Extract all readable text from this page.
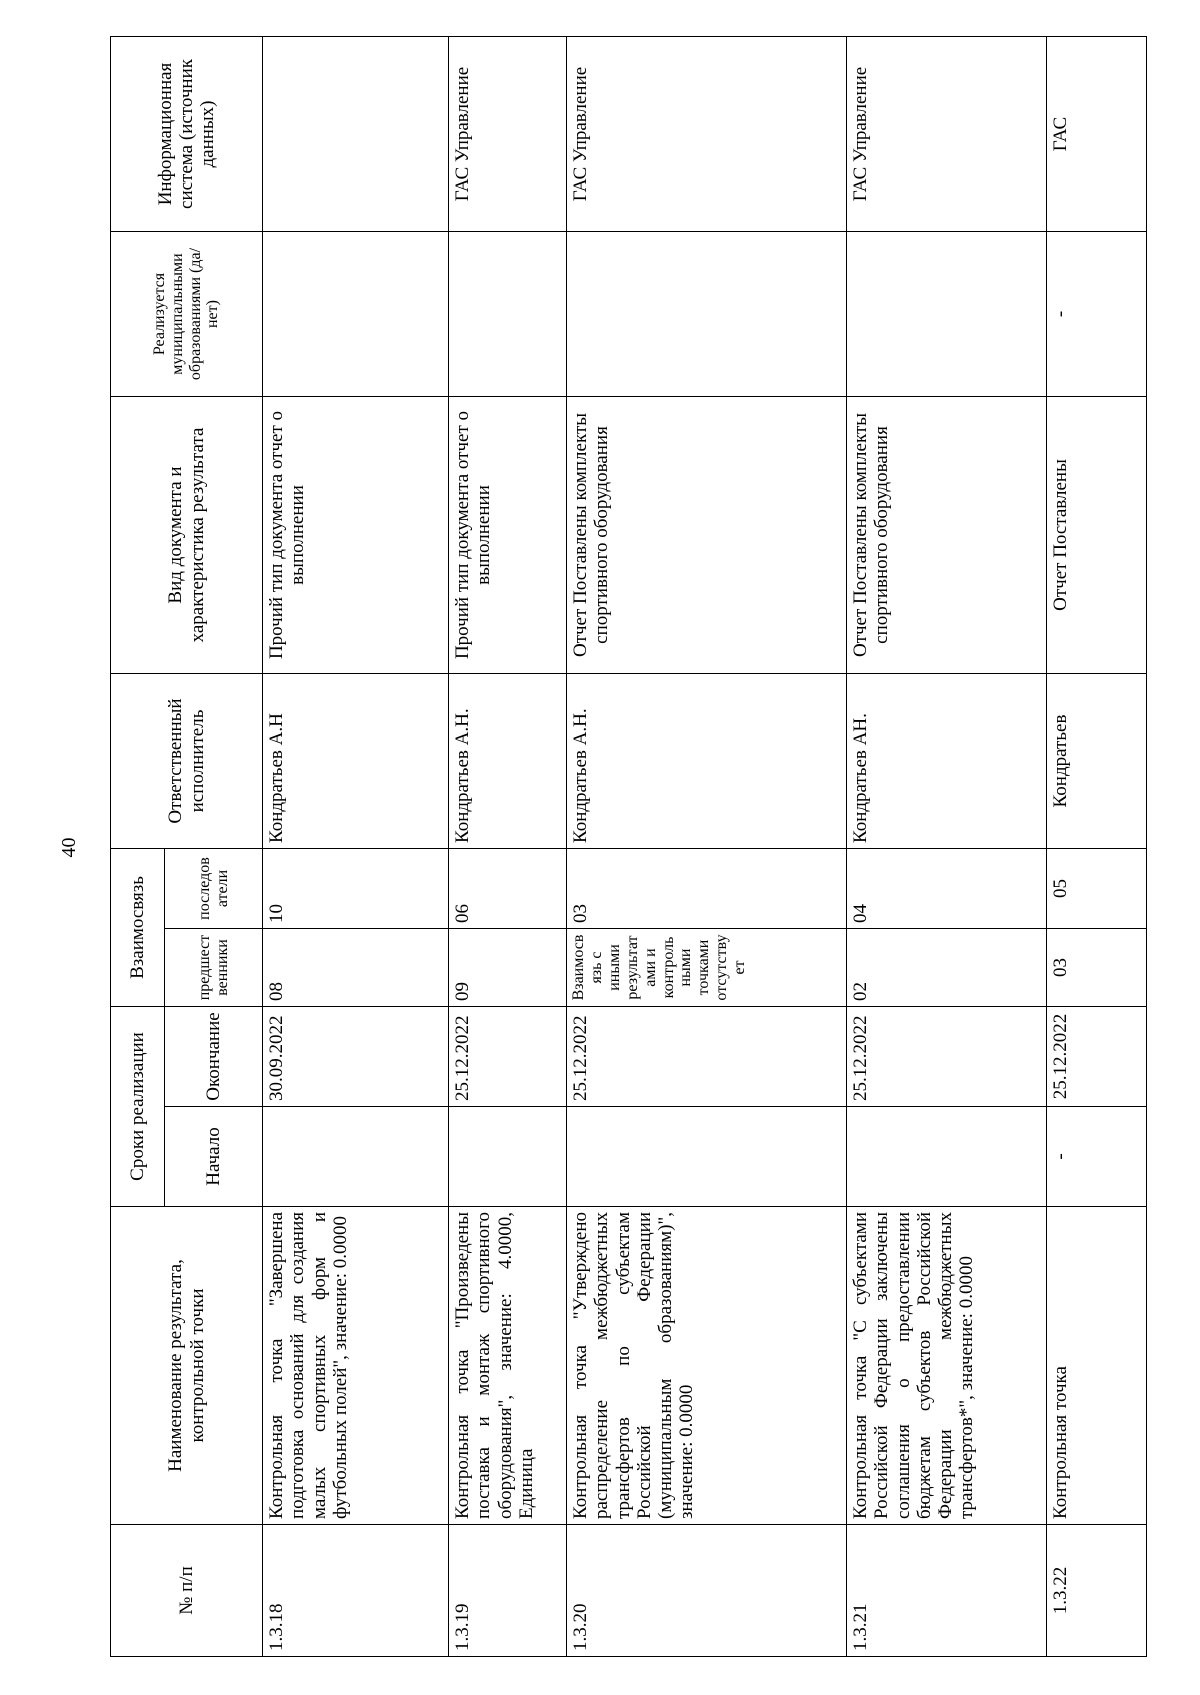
40
№ п/п	Наименование результата, контрольной точки	Сроки реализации		Взаимосвязь		Ответственный исполнитель	Вид документа и характеристика результата	Реализуется муниципальными образованиями (да/нет)	Информационная система (источник данных)
		Начало	Окончание	предшественники	последователи				
1.3.18	Контрольная точка "Завершена подготовка оснований для создания малых спортивных форм и футбольных полей", значение: 0.0000		30.09.2022	08	10	Кондратьев А.Н	Прочий тип документа отчет о выполнении		
1.3.19	Контрольная точка "Произведены поставка и монтаж спортивного оборудования", значение: 4.0000, Единица		25.12.2022	09	06	Кондратьев А.Н.	Прочий тип документа отчет о выполнении		ГАС Управление
1.3.20	Контрольная точка "Утверждено распределение межбюджетных трансфертов по субъектам Российской Федерации (муниципальным образованиям)", значение: 0.0000		25.12.2022	Взаимосвязь с иными результатами и контрольными точками отсутствует	03	Кондратьев А.Н.	Отчет Поставлены комплекты спортивного оборудования		ГАС Управление
1.3.21	Контрольная точка "С субъектами Российской Федерации заключены соглашения о предоставлении бюджетам субъектов Российской Федерации межбюджетных трансфертов*", значение: 0.0000		25.12.2022	02	04	Кондратьев АН.	Отчет Поставлены комплекты спортивного оборудования		ГАС Управление
1.3.22	Контрольная точка	-	25.12.2022	03	05	Кондратьев	Отчет Поставлены	-	ГАС
